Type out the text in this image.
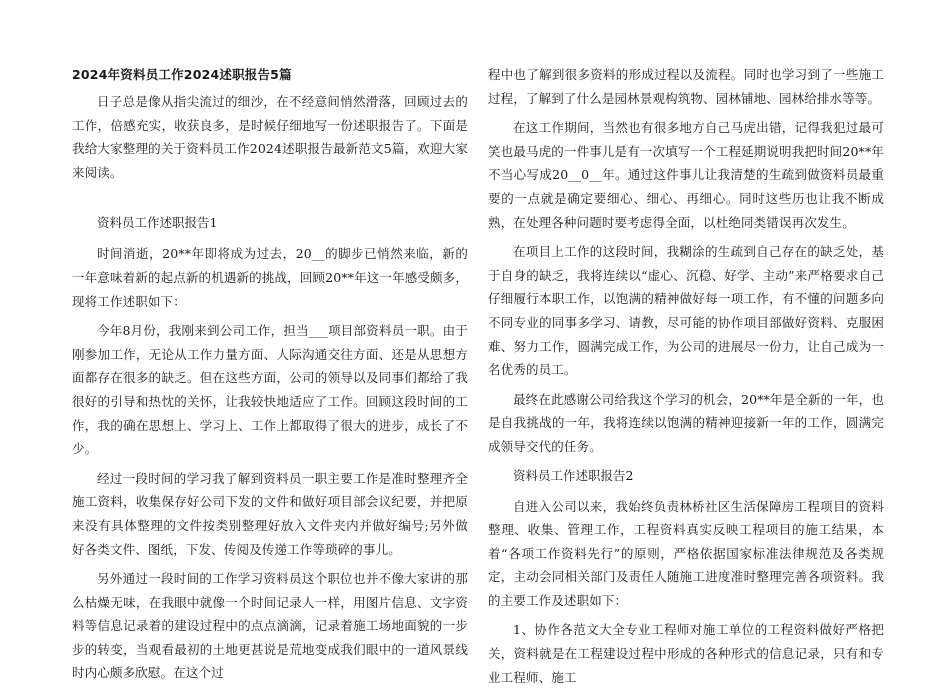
2024年资料员工作2024述职报告5篇

日子总是像从指尖流过的细沙，在不经意间悄然滑落，回顾过去的工作，倍感充实，收获良多，是时候仔细地写一份述职报告了。下面是我给大家整理的关于资料员工作2024述职报告最新范文5篇，欢迎大家来阅读。

资料员工作述职报告1

时间消逝，20**年即将成为过去，20__的脚步已悄然来临，新的一年意味着新的起点新的机遇新的挑战，回顾20**年这一年感受颇多，现将工作述职如下：

今年8月份，我刚来到公司工作，担当___项目部资料员一职。由于刚参加工作，无论从工作力量方面、人际沟通交往方面、还是从思想方面都存在很多的缺乏。但在这些方面，公司的领导以及同事们都给了我很好的引导和热忱的关怀，让我较快地适应了工作。回顾这段时间的工作，我的确在思想上、学习上、工作上都取得了很大的进步，成长了不少。

经过一段时间的学习我了解到资料员一职主要工作是准时整理齐全施工资料，收集保存好公司下发的文件和做好项目部会议纪要，并把原来没有具体整理的文件按类别整理好放入文件夹内并做好编号;另外做好各类文件、图纸，下发、传阅及传递工作等琐碎的事儿。

另外通过一段时间的工作学习资料员这个职位也并不像大家讲的那么枯燥无味，在我眼中就像一个时间记录人一样，用图片信息、文字资料等信息记录着的建设过程中的点点滴滴，记录着施工场地面貌的一步步的转变，当观看最初的土地更甚说是荒地变成我们眼中的一道风景线时内心颇多欣慰。在这个过

程中也了解到很多资料的形成过程以及流程。同时也学习到了一些施工过程，了解到了什么是园林景观构筑物、园林铺地、园林给排水等等。

在这工作期间，当然也有很多地方自己马虎出错，记得我犯过最可笑也最马虎的一件事儿是有一次填写一个工程延期说明我把时间20**年不当心写成20__0__年。通过这件事儿让我清楚的生疏到做资料员最重要的一点就是确定要细心、细心、再细心。同时这些历也让我不断成熟，在处理各种问题时要考虑得全面，以杜绝同类错误再次发生。

在项目上工作的这段时间，我糊涂的生疏到自己存在的缺乏处，基于自身的缺乏，我将连续以“虚心、沉稳、好学、主动”来严格要求自己仔细履行本职工作，以饱满的精神做好每一项工作，有不懂的问题多向不同专业的同事多学习、请教，尽可能的协作项目部做好资料、克服困难、努力工作，圆满完成工作，为公司的进展尽一份力，让自己成为一名优秀的员工。

最终在此感谢公司给我这个学习的机会，20**年是全新的一年，也是自我挑战的一年，我将连续以饱满的精神迎接新一年的工作，圆满完成领导交代的任务。

资料员工作述职报告2

自进入公司以来，我始终负责林桥社区生活保障房工程项目的资料整理、收集、管理工作，工程资料真实反映工程项目的施工结果，本着“各项工作资料先行”的原则，严格依据国家标准法律规范及各类规定，主动会同相关部门及责任人随施工进度准时整理完善各项资料。我的主要工作及述职如下：

1、协作各范文大全专业工程师对施工单位的工程资料做好严格把关，资料就是在工程建设过程中形成的各种形式的信息记录，只有和专业工程师、施工
